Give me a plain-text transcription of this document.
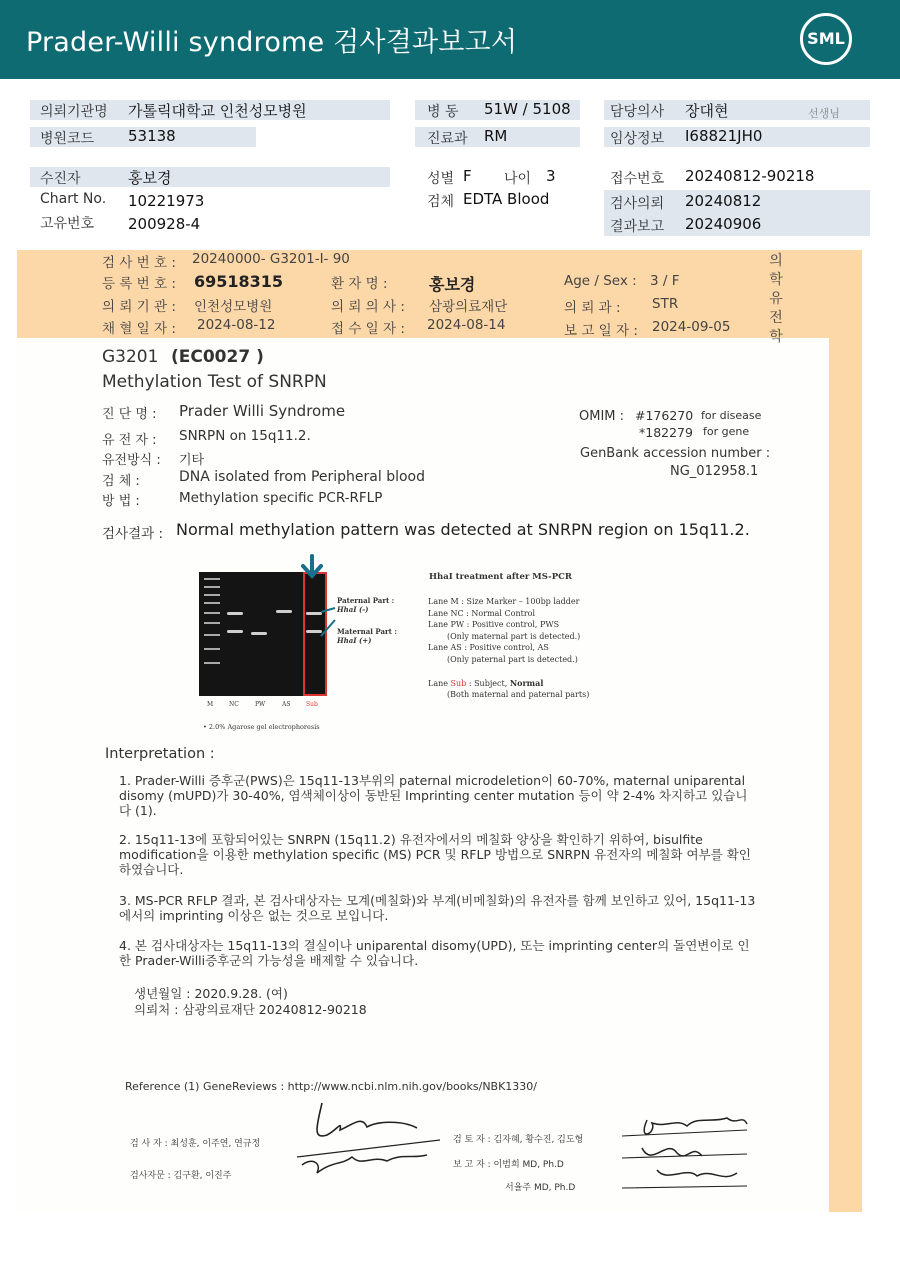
Prader-Willi syndrome 검사결과보고서	SML
의뢰기관명 가톨릭대학교 인천성모병원	병 동 51W / 5108	담당의사 장대현	선생님
병원코드 53138	진료과 RM	임상정보 I68821JH0
수진자	홍보경	성별 F 나이 3	접수번호 20240812-90218
Chart No. 10221973	검체 EDTA Blood	검사의뢰 20240812
고유번호 200928-4	결과보고 20240906
검 사 번 호 : 20240000- G3201-I- 90
등 록 번 호 : 69518315	환 자 명 :	홍보경	Age / Sex : 3 / F
의 뢰 기 관 : 인천성모병원	의 뢰 의 사 : 삼광의료재단	의 뢰 과 : STR
채 혈 일 자 : 2024-08-12	접 수 일 자 : 2024-08-14	보 고 일 자 : 2024-09-05
의학유전학
G3201 (EC0027 )
Methylation Test of SNRPN
진 단 명 : Prader Willi Syndrome
유 전 자 : SNRPN on 15q11.2.
유전방식 : 기타
검 체 :	DNA isolated from Peripheral blood
방 법 :	Methylation specific PCR-RFLP
OMIM : #176270 for disease
*182279 for gene
GenBank accession number :
NG_012958.1
검사결과 : Normal methylation pattern was detected at SNRPN region on 15q11.2.
M	NC	PW	AS	Sub
• 2.0% Agarose gel electrophoresis
Paternal Part :
HhaI (-)
Maternal Part :
HhaI (+)
HhaI treatment after MS-PCR
Lane M : Size Marker – 100bp ladder
Lane NC : Normal Control
Lane PW : Positive control, PWS
(Only maternal part is detected.)
Lane AS : Positive control, AS
(Only paternal part is detected.)
Lane Sub : Subject, Normal
(Both maternal and paternal parts)
Interpretation :
1. Prader-Willi 증후군(PWS)은 15q11-13부위의 paternal microdeletion이 60-70%, maternal uniparental disomy (mUPD)가 30-40%, 염색체이상이 동반된 Imprinting center mutation 등이 약 2-4% 차지하고 있습니다 (1).
2. 15q11-13에 포함되어있는 SNRPN (15q11.2) 유전자에서의 메칠화 양상을 확인하기 위하여, bisulfite modification을 이용한 methylation specific (MS) PCR 및 RFLP 방법으로 SNRPN 유전자의 메칠화 여부를 확인하였습니다.
3. MS-PCR RFLP 결과, 본 검사대상자는 모계(메칠화)와 부계(비메칠화)의 유전자를 함께 보인하고 있어, 15q11-13에서의 imprinting 이상은 없는 것으로 보입니다.
4. 본 검사대상자는 15q11-13의 결실이나 uniparental disomy(UPD), 또는 imprinting center의 돌연변이로 인한 Prader-Willi증후군의 가능성을 배제할 수 있습니다.
생년월일 : 2020.9.28. (여)
의뢰처 : 삼광의료재단 20240812-90218
Reference (1) GeneReviews : http://www.ncbi.nlm.nih.gov/books/NBK1330/
검 사 자 : 최성훈, 이주연, 연규정
검사자문 : 김구환, 이진주
검 토 자 : 김자혜, 황수진, 김도형
보 고 자 : 이범희 MD, Ph.D
서율주 MD, Ph.D
